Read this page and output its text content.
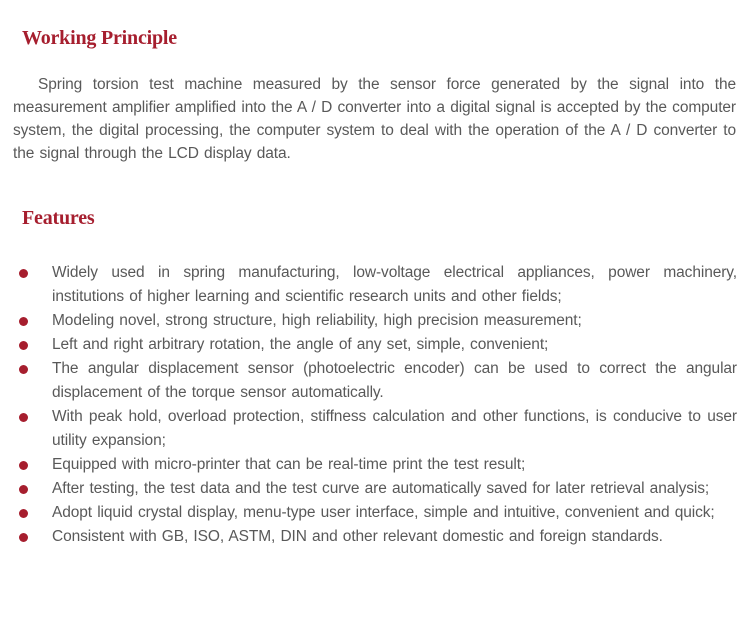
Working Principle

Spring torsion test machine measured by the sensor force generated by the signal into the measurement amplifier amplified into the A / D converter into a digital signal is accepted by the computer system, the digital processing, the computer system to deal with the operation of the A / D converter to the signal through the LCD display data.

Features
Widely used in spring manufacturing, low-voltage electrical appliances, power machinery, institutions of higher learning and scientific research units and other fields;
Modeling novel, strong structure, high reliability, high precision measurement;
Left and right arbitrary rotation, the angle of any set, simple, convenient;
The angular displacement sensor (photoelectric encoder) can be used to correct the angular displacement of the torque sensor automatically.
With peak hold, overload protection, stiffness calculation and other functions, is conducive to user utility expansion;
Equipped with micro-printer that can be real-time print the test result;
After testing, the test data and the test curve are automatically saved for later retrieval analysis;
Adopt liquid crystal display, menu-type user interface, simple and intuitive, convenient and quick;
Consistent with GB, ISO, ASTM, DIN and other relevant domestic and foreign standards.
